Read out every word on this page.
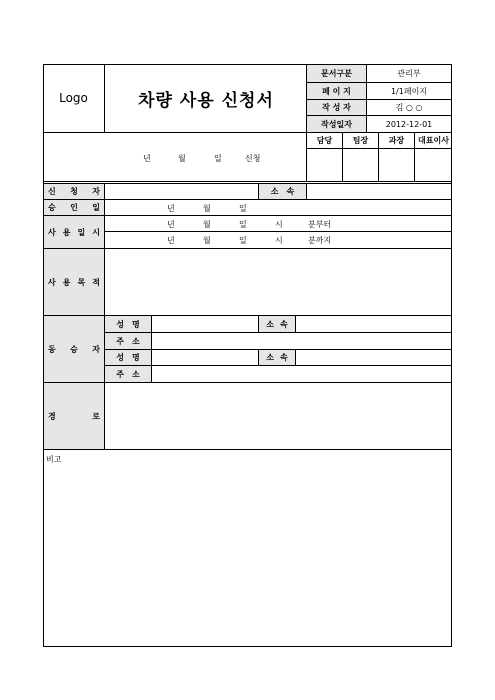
Logo	차량 사용 신청서
문서구분	관리부
페 이 지	1/1페이지
작 성 자	김 ○ ○
작성일자	2012-12-01
년	월	일	신청
담당	팀장	과장	대표이사
신 청 자	소 속
승 인 일	년	월	일
사 용 일 시
년	월	일	시	분부터
년	월	일	시	분까지
사 용 목 적
동 승 자
성 명	소 속
주 소
성 명	소 속
주 소
경	로
비고
